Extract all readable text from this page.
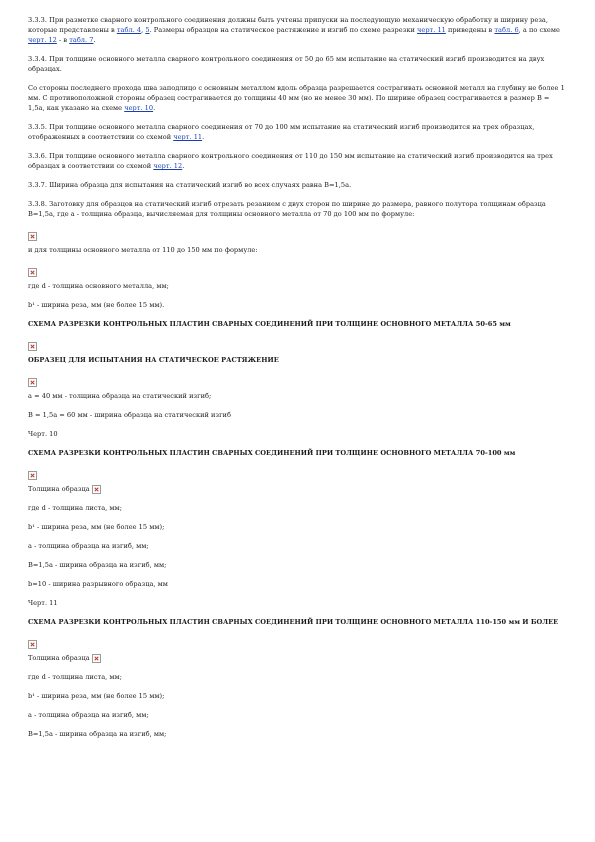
3.3.3. При разметке сварного контрольного соединения должны быть учтены припуски на последующую механическую обработку и ширину реза, которые представлены в табл. 4, 5. Размеры образцов на статическое растяжение и изгиб по схеме разрезки черт. 11 приведены в табл. 6, а по схеме черт. 12 - в табл. 7.

3.3.4. При толщине основного металла сварного контрольного соединения от 50 до 65 мм испытание на статический изгиб производится на двух образцах.

Со стороны последнего прохода шва заподлицо с основным металлом вдоль образца разрешается сострагивать основной металл на глубину не более 1 мм. С противоположной стороны образец сострагивается до толщины 40 мм (но не менее 30 мм). По ширине образец сострагивается в размер B = 1,5a, как указано на схеме черт. 10.

3.3.5. При толщине основного металла сварного соединения от 70 до 100 мм испытание на статический изгиб производится на трех образцах, отображенных в соответствии со схемой черт. 11.

3.3.6. При толщине основного металла сварного контрольного соединения от 110 до 150 мм испытание на статический изгиб производится на трех образцах в соответствии со схемой черт. 12.

3.3.7. Ширина образца для испытания на статический изгиб во всех случаях равна B=1,5a.

3.3.8. Заготовку для образцов на статический изгиб отрезать резанием с двух сторон по ширине до размера, равного полутора толщинам образца B=1,5a, где a - толщина образца, вычисляемая для толщины основного металла от 70 до 100 мм по формуле:

и для толщины основного металла от 110 до 150 мм по формуле:

где d - толщина основного металла, мм;

b¹ - ширина реза, мм (не более 15 мм).

СХЕМА РАЗРЕЗКИ КОНТРОЛЬНЫХ ПЛАСТИН СВАРНЫХ СОЕДИНЕНИЙ ПРИ ТОЛЩИНЕ ОСНОВНОГО МЕТАЛЛА 50-65 мм

ОБРАЗЕЦ ДЛЯ ИСПЫТАНИЯ НА СТАТИЧЕСКОЕ РАСТЯЖЕНИЕ

a = 40 мм - толщина образца на статический изгиб;

B = 1,5a = 60 мм - ширина образца на статический изгиб

Черт. 10

СХЕМА РАЗРЕЗКИ КОНТРОЛЬНЫХ ПЛАСТИН СВАРНЫХ СОЕДИНЕНИЙ ПРИ ТОЛЩИНЕ ОСНОВНОГО МЕТАЛЛА 70-100 мм

Толщина образца

где d - толщина листа, мм;

b¹ - ширина реза, мм (не более 15 мм);

a - толщина образца на изгиб, мм;

B=1,5a - ширина образца на изгиб, мм;

b=10 - ширина разрывного образца, мм

Черт. 11

СХЕМА РАЗРЕЗКИ КОНТРОЛЬНЫХ ПЛАСТИН СВАРНЫХ СОЕДИНЕНИЙ ПРИ ТОЛЩИНЕ ОСНОВНОГО МЕТАЛЛА 110-150 мм И БОЛЕЕ

Толщина образца

где d - толщина листа, мм;

b¹ - ширина реза, мм (не более 15 мм);

a - толщина образца на изгиб, мм;

B=1,5a - ширина образца на изгиб, мм;
